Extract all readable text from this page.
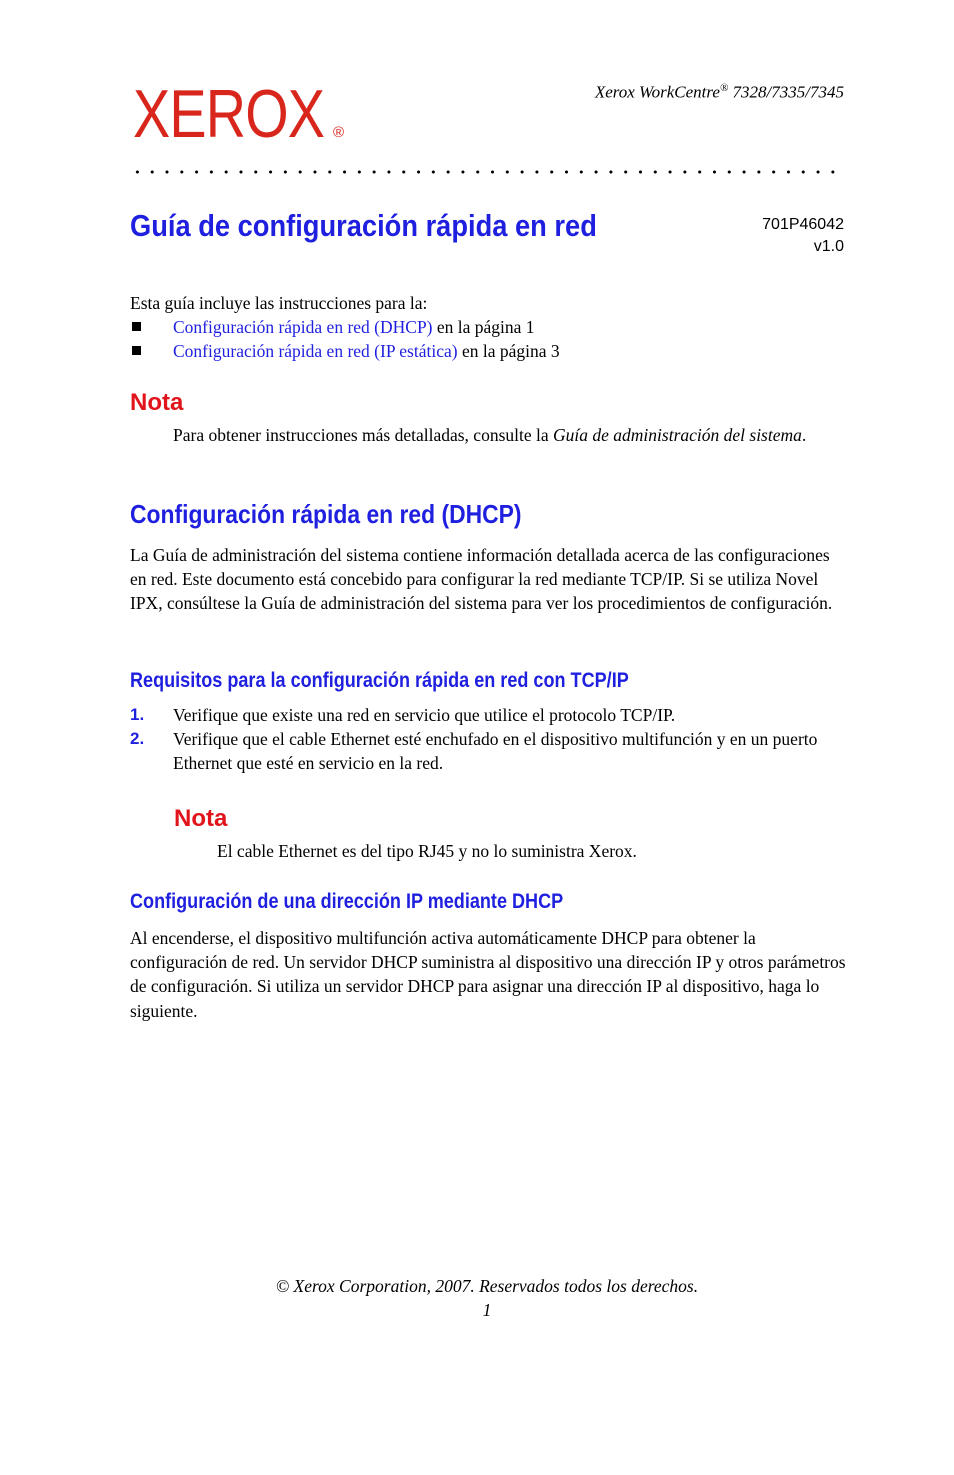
XEROX ®
Xerox WorkCentre® 7328/7335/7345
Guía de configuración rápida en red	701P46042
v1.0
Esta guía incluye las instrucciones para la:
Configuración rápida en red (DHCP) en la página 1
Configuración rápida en red (IP estática) en la página 3
Nota

Para obtener instrucciones más detalladas, consulte la Guía de administración del sistema.

Configuración rápida en red (DHCP)

La Guía de administración del sistema contiene información detallada acerca de las configuraciones en red. Este documento está concebido para configurar la red mediante TCP/IP. Si se utiliza Novel IPX, consúltese la Guía de administración del sistema para ver los procedimientos de configuración.

Requisitos para la configuración rápida en red con TCP/IP
1. Verifique que existe una red en servicio que utilice el protocolo TCP/IP.
2. Verifique que el cable Ethernet esté enchufado en el dispositivo multifunción y en un puerto Ethernet que esté en servicio en la red.
Nota

El cable Ethernet es del tipo RJ45 y no lo suministra Xerox.

Configuración de una dirección IP mediante DHCP

Al encenderse, el dispositivo multifunción activa automáticamente DHCP para obtener la configuración de red. Un servidor DHCP suministra al dispositivo una dirección IP y otros parámetros de configuración. Si utiliza un servidor DHCP para asignar una dirección IP al dispositivo, haga lo siguiente.

© Xerox Corporation, 2007. Reservados todos los derechos.
1
